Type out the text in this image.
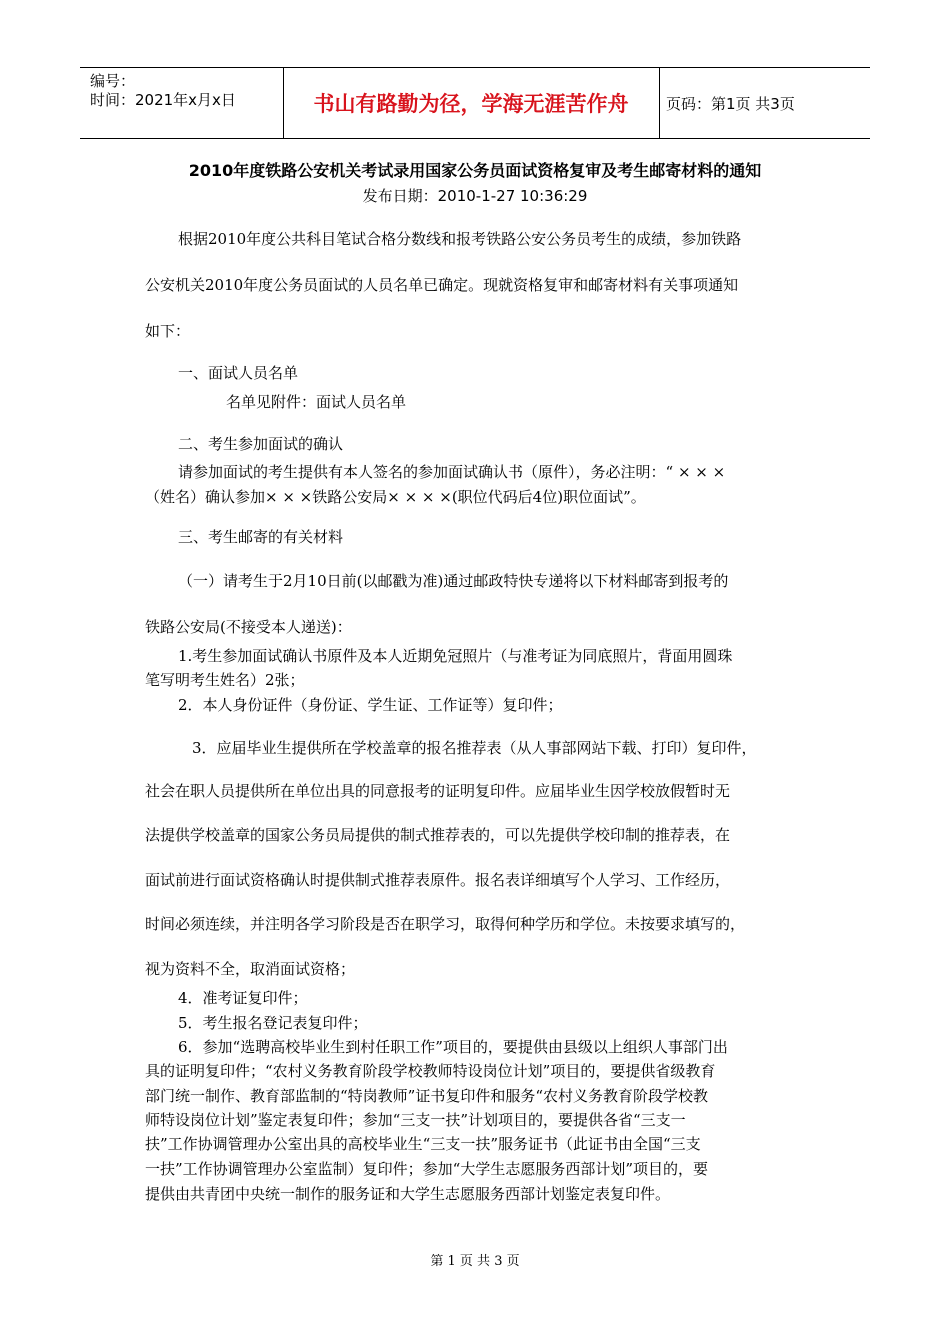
编号：
时间：2021年x月x日	书山有路勤为径，学海无涯苦作舟	页码：第1页 共3页
2010年度铁路公安机关考试录用国家公务员面试资格复审及考生邮寄材料的通知
发布日期：2010-1-27 10:36:29
根据2010年度公共科目笔试合格分数线和报考铁路公安公务员考生的成绩，参加铁路
公安机关2010年度公务员面试的人员名单已确定。现就资格复审和邮寄材料有关事项通知
如下：
一、面试人员名单
名单见附件：面试人员名单
二、考生参加面试的确认
请参加面试的考生提供有本人签名的参加面试确认书（原件），务必注明：“ × × ×
（姓名）确认参加× × ×铁路公安局× × × ×(职位代码后4位)职位面试”。
三、考生邮寄的有关材料
（一）请考生于2月10日前(以邮戳为准)通过邮政特快专递将以下材料邮寄到报考的
铁路公安局(不接受本人递送)：
1.考生参加面试确认书原件及本人近期免冠照片（与准考证为同底照片，背面用圆珠
笔写明考生姓名）2张；
2．本人身份证件（身份证、学生证、工作证等）复印件；
3．应届毕业生提供所在学校盖章的报名推荐表（从人事部网站下载、打印）复印件，
社会在职人员提供所在单位出具的同意报考的证明复印件。应届毕业生因学校放假暂时无
法提供学校盖章的国家公务员局提供的制式推荐表的，可以先提供学校印制的推荐表，在
面试前进行面试资格确认时提供制式推荐表原件。报名表详细填写个人学习、工作经历，
时间必须连续，并注明各学习阶段是否在职学习，取得何种学历和学位。未按要求填写的，
视为资料不全，取消面试资格；
4．准考证复印件；
5．考生报名登记表复印件；
6．参加“选聘高校毕业生到村任职工作”项目的，要提供由县级以上组织人事部门出
具的证明复印件；“农村义务教育阶段学校教师特设岗位计划”项目的，要提供省级教育
部门统一制作、教育部监制的“特岗教师”证书复印件和服务“农村义务教育阶段学校教
师特设岗位计划”鉴定表复印件；参加“三支一扶”计划项目的，要提供各省“三支一
扶”工作协调管理办公室出具的高校毕业生“三支一扶”服务证书（此证书由全国“三支
一扶”工作协调管理办公室监制）复印件；参加“大学生志愿服务西部计划”项目的，要
提供由共青团中央统一制作的服务证和大学生志愿服务西部计划鉴定表复印件。
第 1 页 共 3 页
